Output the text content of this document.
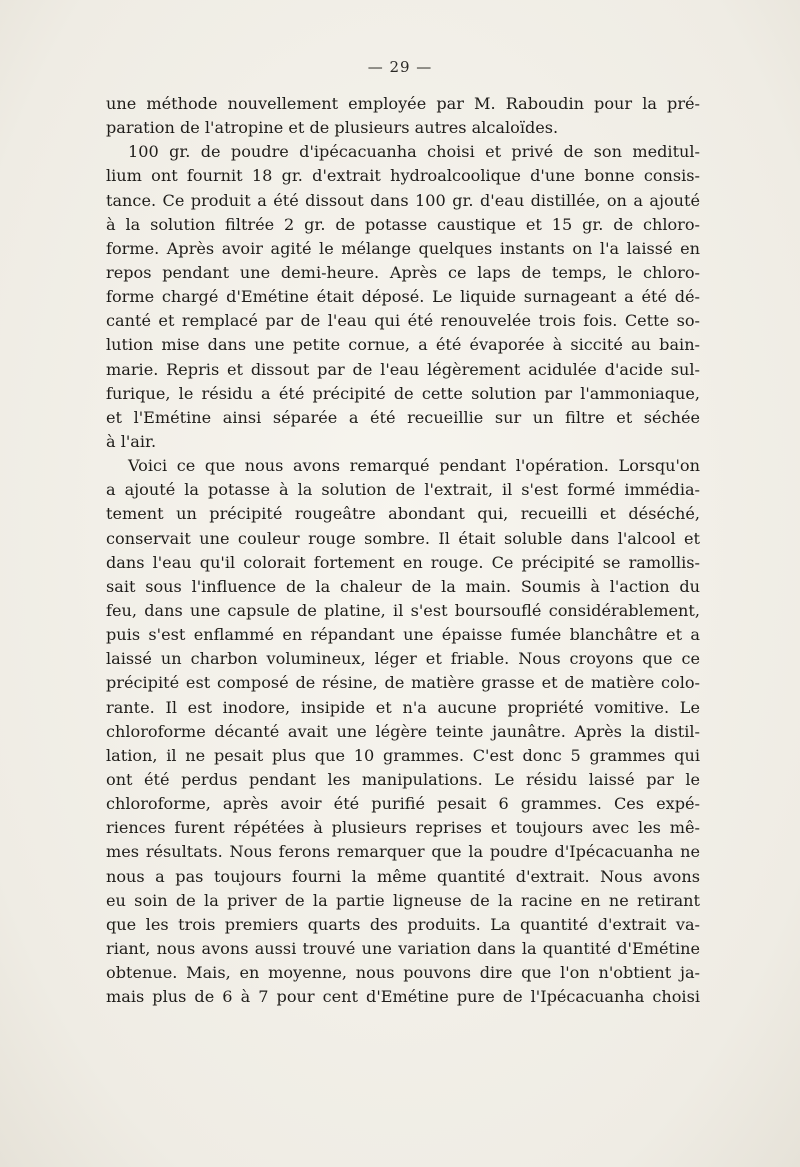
— 29 —
une méthode nouvellement employée par M. Raboudin pour la pré-
paration de l'atropine et de plusieurs autres alcaloïdes.
100 gr. de poudre d'ipécacuanha choisi et privé de son meditul-
lium ont fournit 18 gr. d'extrait hydroalcoolique d'une bonne consis-
tance. Ce produit a été dissout dans 100 gr. d'eau distillée, on a ajouté
à la solution filtrée 2 gr. de potasse caustique et 15 gr. de chloro-
forme. Après avoir agité le mélange quelques instants on l'a laissé en
repos pendant une demi-heure. Après ce laps de temps, le chloro-
forme chargé d'Emétine était déposé. Le liquide surnageant a été dé-
canté et remplacé par de l'eau qui été renouvelée trois fois. Cette so-
lution mise dans une petite cornue, a été évaporée à siccité au bain-
marie. Repris et dissout par de l'eau légèrement acidulée d'acide sul-
furique, le résidu a été précipité de cette solution par l'ammoniaque,
et l'Emétine ainsi séparée a été recueillie sur un filtre et séchée
à l'air.
Voici ce que nous avons remarqué pendant l'opération. Lorsqu'on
a ajouté la potasse à la solution de l'extrait, il s'est formé immédia-
tement un précipité rougeâtre abondant qui, recueilli et déséché,
conservait une couleur rouge sombre. Il était soluble dans l'alcool et
dans l'eau qu'il colorait fortement en rouge. Ce précipité se ramollis-
sait sous l'influence de la chaleur de la main. Soumis à l'action du
feu, dans une capsule de platine, il s'est boursouflé considérablement,
puis s'est enflammé en répandant une épaisse fumée blanchâtre et a
laissé un charbon volumineux, léger et friable. Nous croyons que ce
précipité est composé de résine, de matière grasse et de matière colo-
rante. Il est inodore, insipide et n'a aucune propriété vomitive. Le
chloroforme décanté avait une légère teinte jaunâtre. Après la distil-
lation, il ne pesait plus que 10 grammes. C'est donc 5 grammes qui
ont été perdus pendant les manipulations. Le résidu laissé par le
chloroforme, après avoir été purifié pesait 6 grammes. Ces expé-
riences furent répétées à plusieurs reprises et toujours avec les mê-
mes résultats. Nous ferons remarquer que la poudre d'Ipécacuanha ne
nous a pas toujours fourni la même quantité d'extrait. Nous avons
eu soin de la priver de la partie ligneuse de la racine en ne retirant
que les trois premiers quarts des produits. La quantité d'extrait va-
riant, nous avons aussi trouvé une variation dans la quantité d'Emétine
obtenue. Mais, en moyenne, nous pouvons dire que l'on n'obtient ja-
mais plus de 6 à 7 pour cent d'Emétine pure de l'Ipécacuanha choisi
